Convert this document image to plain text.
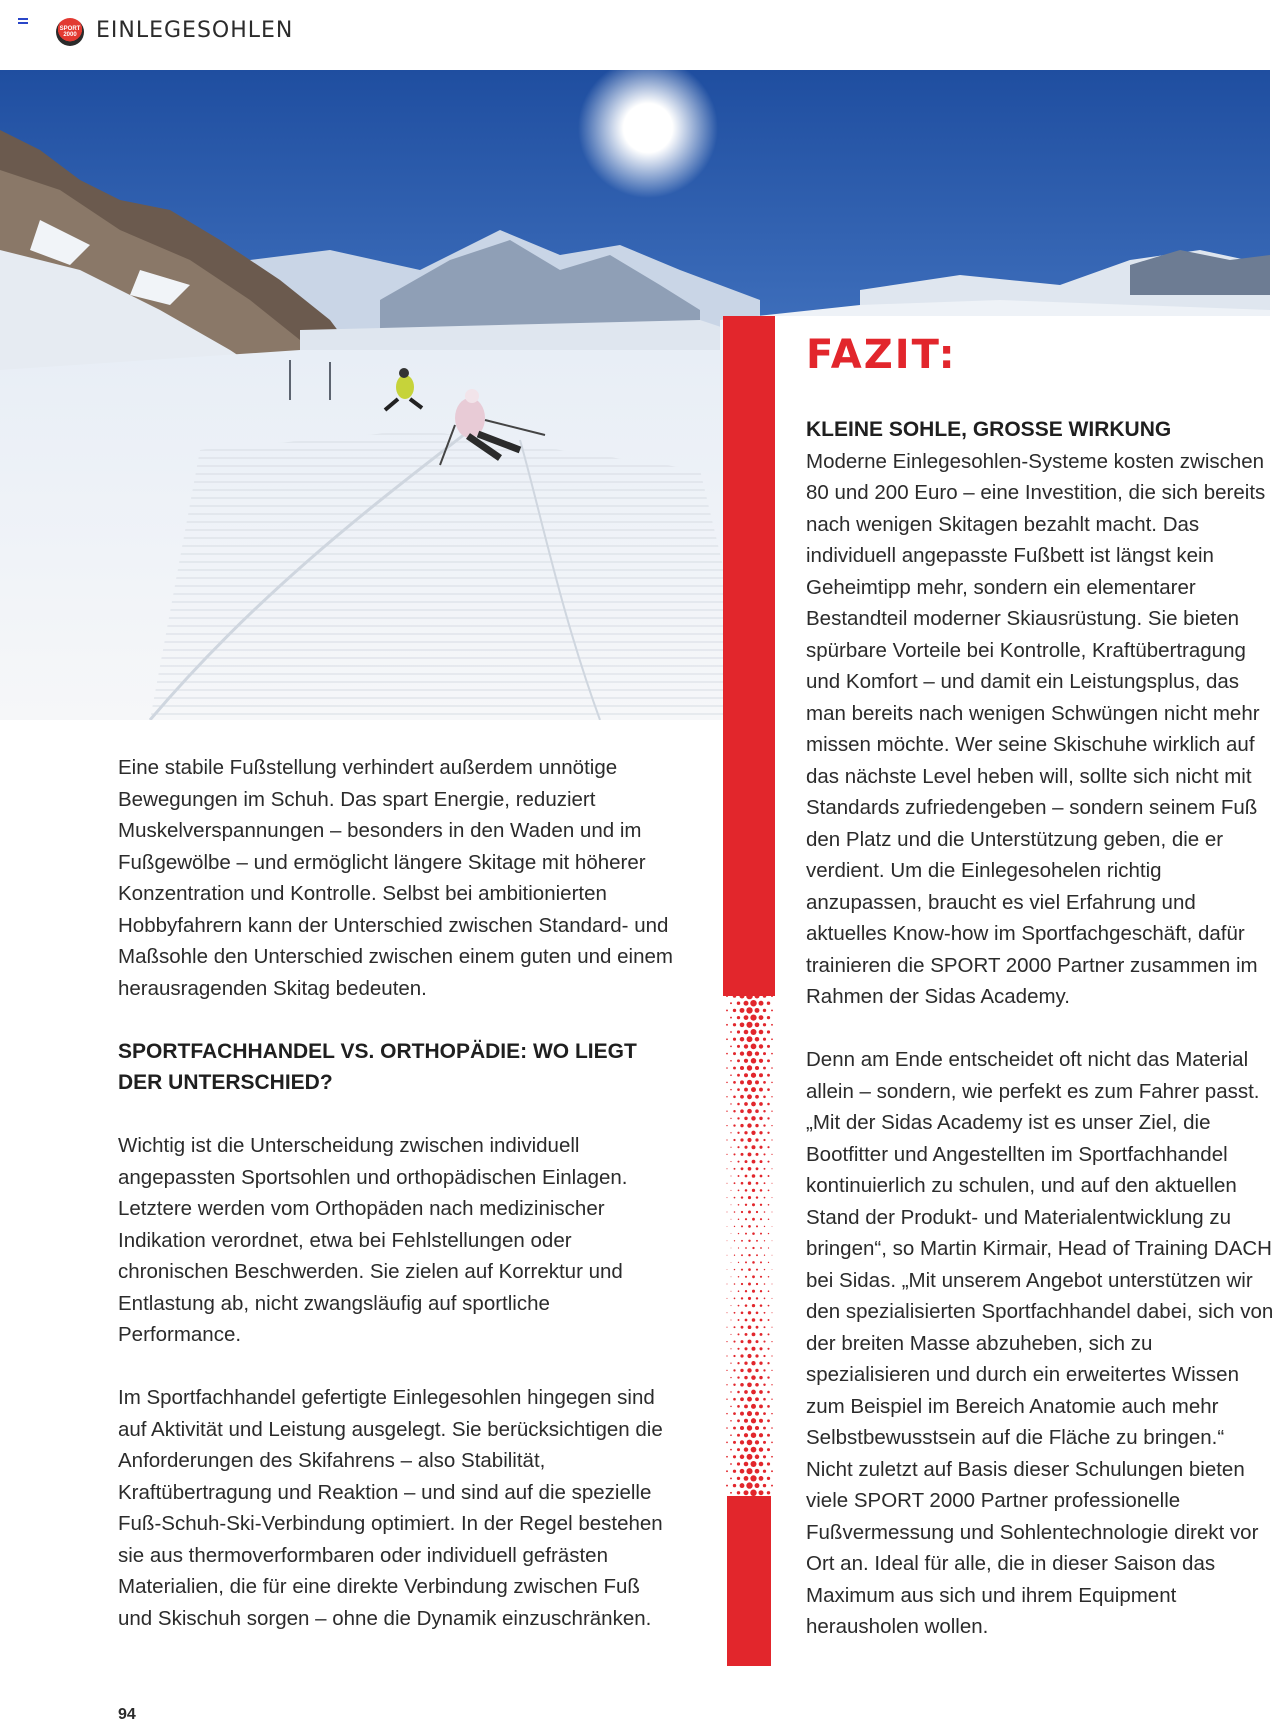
SPORT 2000 EINLEGESOHLEN

Eine stabile Fußstellung verhindert außerdem unnötige Bewegungen im Schuh. Das spart Energie, reduziert Muskelverspannungen – besonders in den Waden und im Fußgewölbe – und ermöglicht längere Skitage mit höherer Konzentration und Kontrolle. Selbst bei ambitionierten Hobbyfahrern kann der Unterschied zwischen Standard- und Maßsohle den Unterschied zwischen einem guten und einem herausragenden Skitag bedeuten.

SPORTFACHHANDEL VS. ORTHOPÄDIE: WO LIEGT DER UNTERSCHIED?

Wichtig ist die Unterscheidung zwischen individuell angepassten Sportsohlen und orthopädischen Einlagen. Letztere werden vom Orthopäden nach medizinischer Indikation verordnet, etwa bei Fehlstellungen oder chronischen Beschwerden. Sie zielen auf Korrektur und Entlastung ab, nicht zwangsläufig auf sportliche Performance.

Im Sportfachhandel gefertigte Einlegesohlen hingegen sind auf Aktivität und Leistung ausgelegt. Sie berücksichtigen die Anforderungen des Skifahrens – also Stabilität, Kraftübertragung und Reaktion – und sind auf die spezielle Fuß-Schuh-Ski-Verbindung optimiert. In der Regel bestehen sie aus thermoverformbaren oder individuell gefrästen Materialien, die für eine direkte Verbindung zwischen Fuß und Skischuh sorgen – ohne die Dynamik einzuschränken.

FAZIT:
KLEINE SOHLE, GROSSE WIRKUNG

Moderne Einlegesohlen-Systeme kosten zwischen 80 und 200 Euro – eine Investition, die sich bereits nach wenigen Skitagen bezahlt macht. Das individuell angepasste Fußbett ist längst kein Geheimtipp mehr, sondern ein elementarer Bestandteil moderner Skiausrüstung. Sie bieten spürbare Vorteile bei Kontrolle, Kraftübertragung und Komfort – und damit ein Leistungsplus, das man bereits nach wenigen Schwüngen nicht mehr missen möchte. Wer seine Skischuhe wirklich auf das nächste Level heben will, sollte sich nicht mit Standards zufriedengeben – sondern seinem Fuß den Platz und die Unterstützung geben, die er verdient. Um die Einlegesohelen richtig anzupassen, braucht es viel Erfahrung und aktuelles Know-how im Sportfachgeschäft, dafür trainieren die SPORT 2000 Partner zusammen im Rahmen der Sidas Academy.

Denn am Ende entscheidet oft nicht das Material allein – sondern, wie perfekt es zum Fahrer passt. „Mit der Sidas Academy ist es unser Ziel, die Bootfitter und Angestellten im Sportfachhandel kontinuierlich zu schulen, und auf den aktuellen Stand der Produkt- und Materialentwicklung zu bringen“, so Martin Kirmair, Head of Training DACH bei Sidas. „Mit unserem Angebot unterstützen wir den spezialisierten Sportfachhandel dabei, sich von der breiten Masse abzuheben, sich zu spezialisieren und durch ein erweitertes Wissen zum Beispiel im Bereich Anatomie auch mehr Selbstbewusstsein auf die Fläche zu bringen.“ Nicht zuletzt auf Basis dieser Schulungen bieten viele SPORT 2000 Partner professionelle Fußvermessung und Sohlentechnologie direkt vor Ort an. Ideal für alle, die in dieser Saison das Maximum aus sich und ihrem Equipment herausholen wollen.

94
